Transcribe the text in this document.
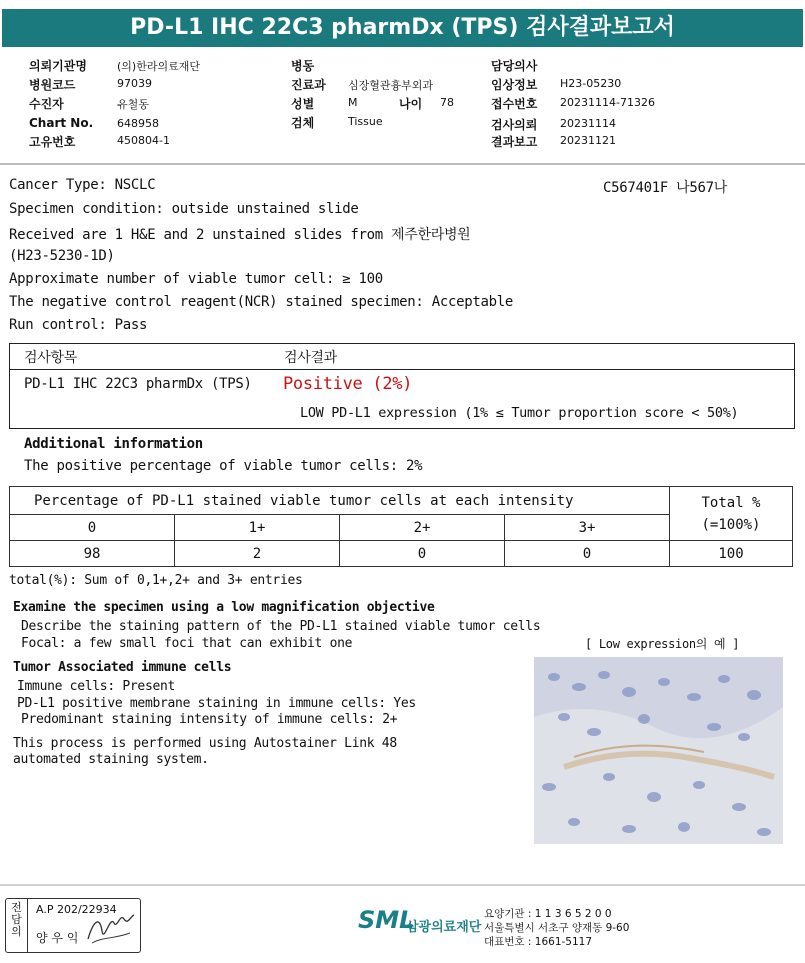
PD-L1 IHC 22C3 pharmDx (TPS) 검사결과보고서
의뢰기관명	(의)한라의료재단
병원코드	97039
수진자	유철동
Chart No. 648958
고유번호	450804-1
병동
진료과 심장혈관흉부외과
성별	M	나이 78
검체	Tissue
담당의사
임상정보 H23-05230
접수번호 20231114-71326
검사의뢰 20231114
결과보고 20231121
Cancer Type: NSCLC	C567401F 나567나
Specimen condition: outside unstained slide
Received are 1 H&E and 2 unstained slides from 제주한라병원
(H23-5230-1D)
Approximate number of viable tumor cell: ≥ 100
The negative control reagent(NCR) stained specimen: Acceptable
Run control: Pass
검사항목	검사결과
PD-L1 IHC 22C3 pharmDx (TPS) Positive (2%)
LOW PD-L1 expression (1% ≤ Tumor proportion score < 50%)
Additional information
The positive percentage of viable tumor cells: 2%
Percentage of PD-L1 stained viable tumor cells at each intensity				Total %
(=100%)

0	1+	2+	3+	
98	2	0	0	100
total(%): Sum of 0,1+,2+ and 3+ entries
Examine the specimen using a low magnification objective
Describe the staining pattern of the PD-L1 stained viable tumor cells
Focal: a few small foci that can exhibit one
Tumor Associated immune cells
Immune cells: Present
PD-L1 positive membrane staining in immune cells: Yes
Predominant staining intensity of immune cells: 2+
This process is performed using Autostainer Link 48
automated staining system.
[ Low expression의 예 ]
전담의
A.P 202/22934
양 우 익
SML
삼광의료재단
요양기관 : 1 1 3 6 5 2 0 0
서울특별시 서초구 양재동 9-60
대표번호 : 1661-5117
